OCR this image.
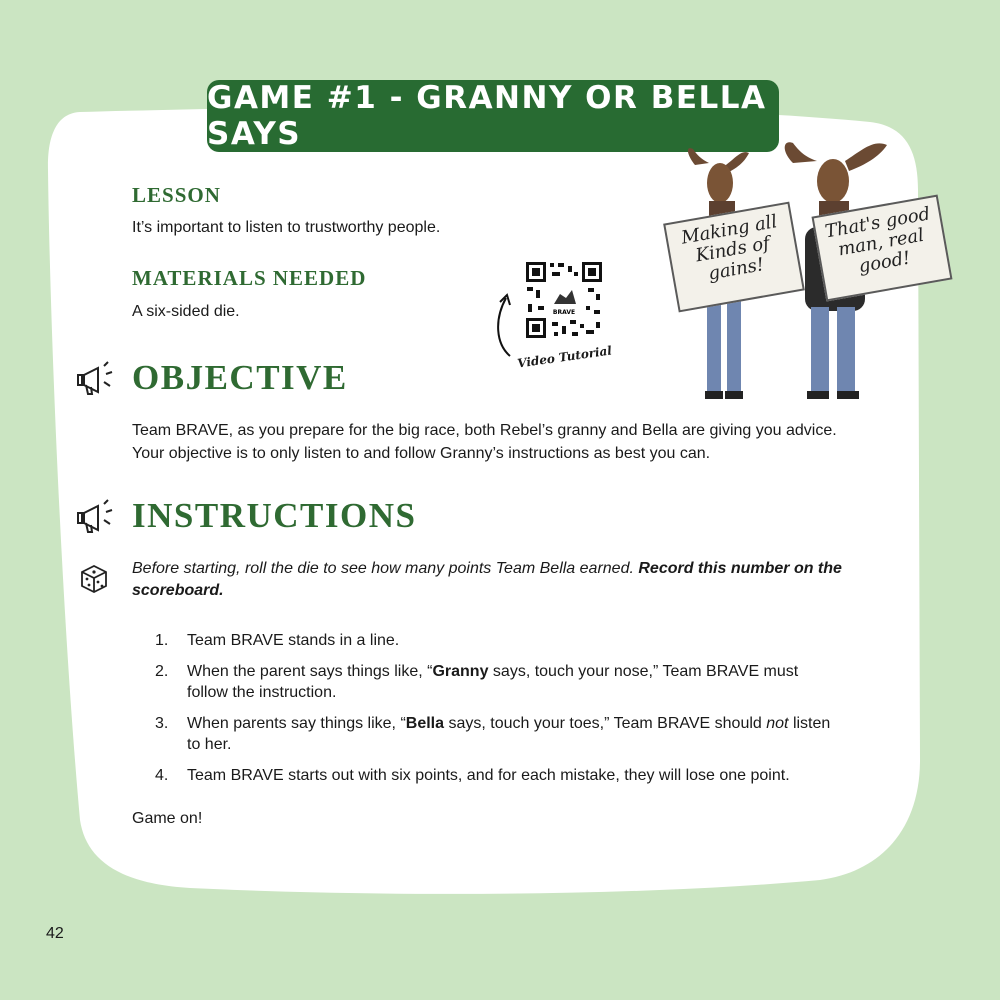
GAME #1 - GRANNY OR BELLA SAYS
LESSON
It’s important to listen to trustworthy people.
MATERIALS NEEDED
A six-sided die.	BRAVE
Video Tutorial
Making all Kinds of gains!
That's good man, real good!
OBJECTIVE
Team BRAVE, as you prepare for the big race, both Rebel’s granny and Bella are giving you advice. Your objective is to only listen to and follow Granny’s instructions as best you can.
INSTRUCTIONS
Before starting, roll the die to see how many points Team Bella earned. Record this number on the scoreboard.
1.	Team BRAVE stands in a line.
2.	When the parent says things like, “Granny says, touch your nose,” Team BRAVE must follow the instruction.
3.	When parents say things like, “Bella says, touch your toes,” Team BRAVE should not listen to her.
4.	Team BRAVE starts out with six points, and for each mistake, they will lose one point.
Game on!
42
